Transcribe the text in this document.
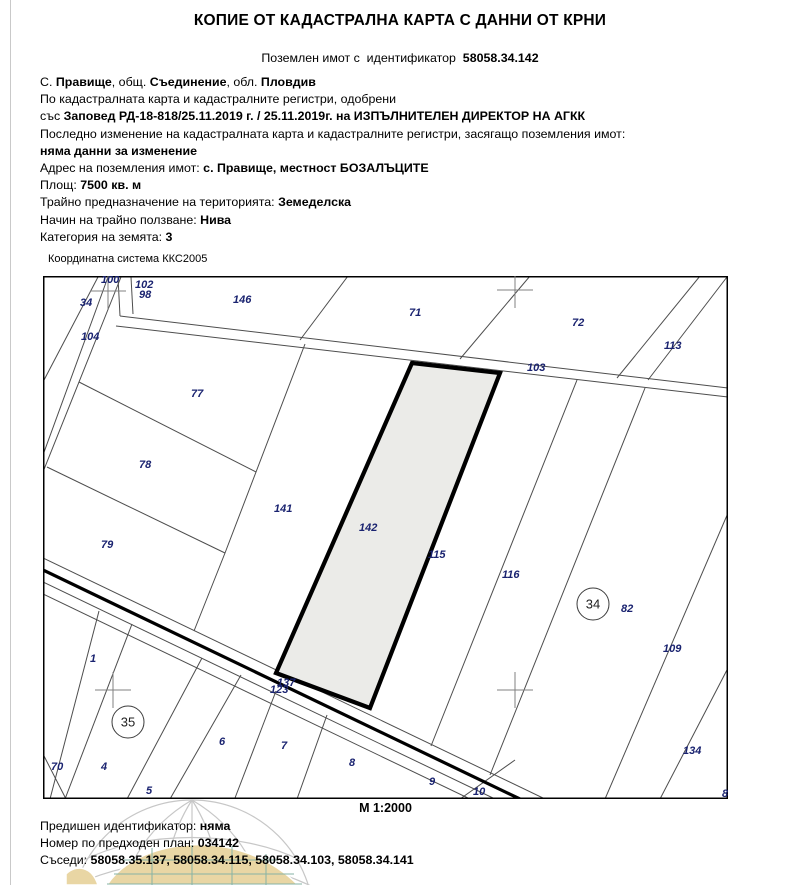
КОПИЕ ОТ КАДАСТРАЛНА КАРТА С ДАННИ ОТ КРНИ
Поземлен имот с  идентификатор  58058.34.142
С. Правище, общ. Съединение, обл. Пловдив
По кадастралната карта и кадастралните регистри, одобрени
със Заповед РД-18-818/25.11.2019 г. / 25.11.2019г. на ИЗПЪЛНИТЕЛЕН ДИРЕКТОР НА АГКК
Последно изменение на кадастралната карта и кадастралните регистри, засягащо поземления имот:
няма данни за изменение
Адрес на поземления имот: с. Правище, местност БОЗАЛЪЦИТЕ
Площ: 7500 кв. м
Трайно предназначение на територията: Земеделска
Начин на трайно ползване: Нива
Категория на земята: 3
Координатна система ККС2005
34
100 102
98
104
146
71
72
113
103
77
78
79
141
142
115
116
82
109
134
137
123
1
70	4
5
6	7
8
9
10	8
34
35
М 1:2000
Предишен идентификатор: няма
Номер по предходен план: 034142
Съседи: 58058.35.137, 58058.34.115, 58058.34.103, 58058.34.141
